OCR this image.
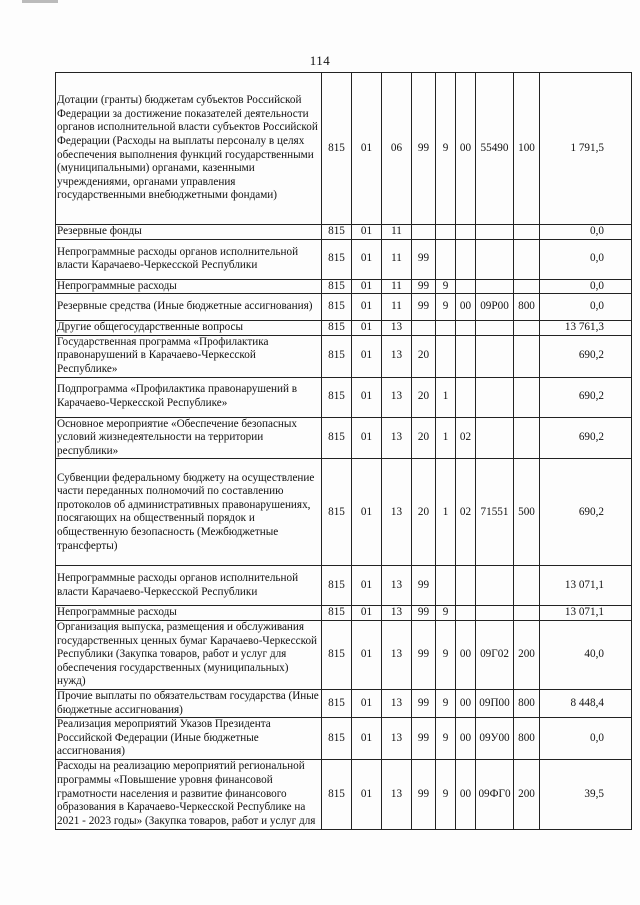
114
Дотации (гранты) бюджетам субъектов Российской Федерации за достижение показателей деятельности органов исполнительной власти субъектов Российской Федерации (Расходы на выплаты персоналу в целях обеспечения выполнения функций государственными (муниципальными) органами, казенными учреждениями, органами управления государственными внебюджетными фондами)	815	01	06	99	9	00	55490	100	1 791,5
Резервные фонды	815	01	11						0,0
Непрограммные расходы органов исполнительной власти Карачаево-Черкесской Республики	815	01	11	99					0,0
Непрограммные расходы	815	01	11	99	9				0,0
Резервные средства (Иные бюджетные ассигнования)	815	01	11	99	9	00	09Р00	800	0,0
Другие общегосударственные вопросы	815	01	13						13 761,3
Государственная программа «Профилактика правонарушений в Карачаево-Черкесской Республике»	815	01	13	20					690,2
Подпрограмма «Профилактика правонарушений в Карачаево-Черкесской Республике»	815	01	13	20	1				690,2
Основное мероприятие «Обеспечение безопасных условий жизнедеятельности на территории республики»	815	01	13	20	1	02			690,2
Субвенции федеральному бюджету на осуществление части переданных полномочий по составлению протоколов об административных правонарушениях, посягающих на общественный порядок и общественную безопасность (Межбюджетные трансферты)	815	01	13	20	1	02	71551	500	690,2
Непрограммные расходы органов исполнительной власти Карачаево-Черкесской Республики	815	01	13	99					13 071,1
Непрограммные расходы	815	01	13	99	9				13 071,1
Организация выпуска, размещения и обслуживания государственных ценных бумаг Карачаево-Черкесской Республики (Закупка товаров, работ и услуг для обеспечения государственных (муниципальных) нужд)	815	01	13	99	9	00	09Г02	200	40,0
Прочие выплаты по обязательствам государства (Иные бюджетные ассигнования)	815	01	13	99	9	00	09П00	800	8 448,4
Реализация мероприятий Указов Президента Российской Федерации (Иные бюджетные ассигнования)	815	01	13	99	9	00	09У00	800	0,0
Расходы на реализацию мероприятий региональной программы «Повышение уровня финансовой грамотности населения и развитие финансового образования в Карачаево-Черкесской Республике на 2021 - 2023 годы» (Закупка товаров, работ и услуг для	815	01	13	99	9	00	09ФГ0	200	39,5
